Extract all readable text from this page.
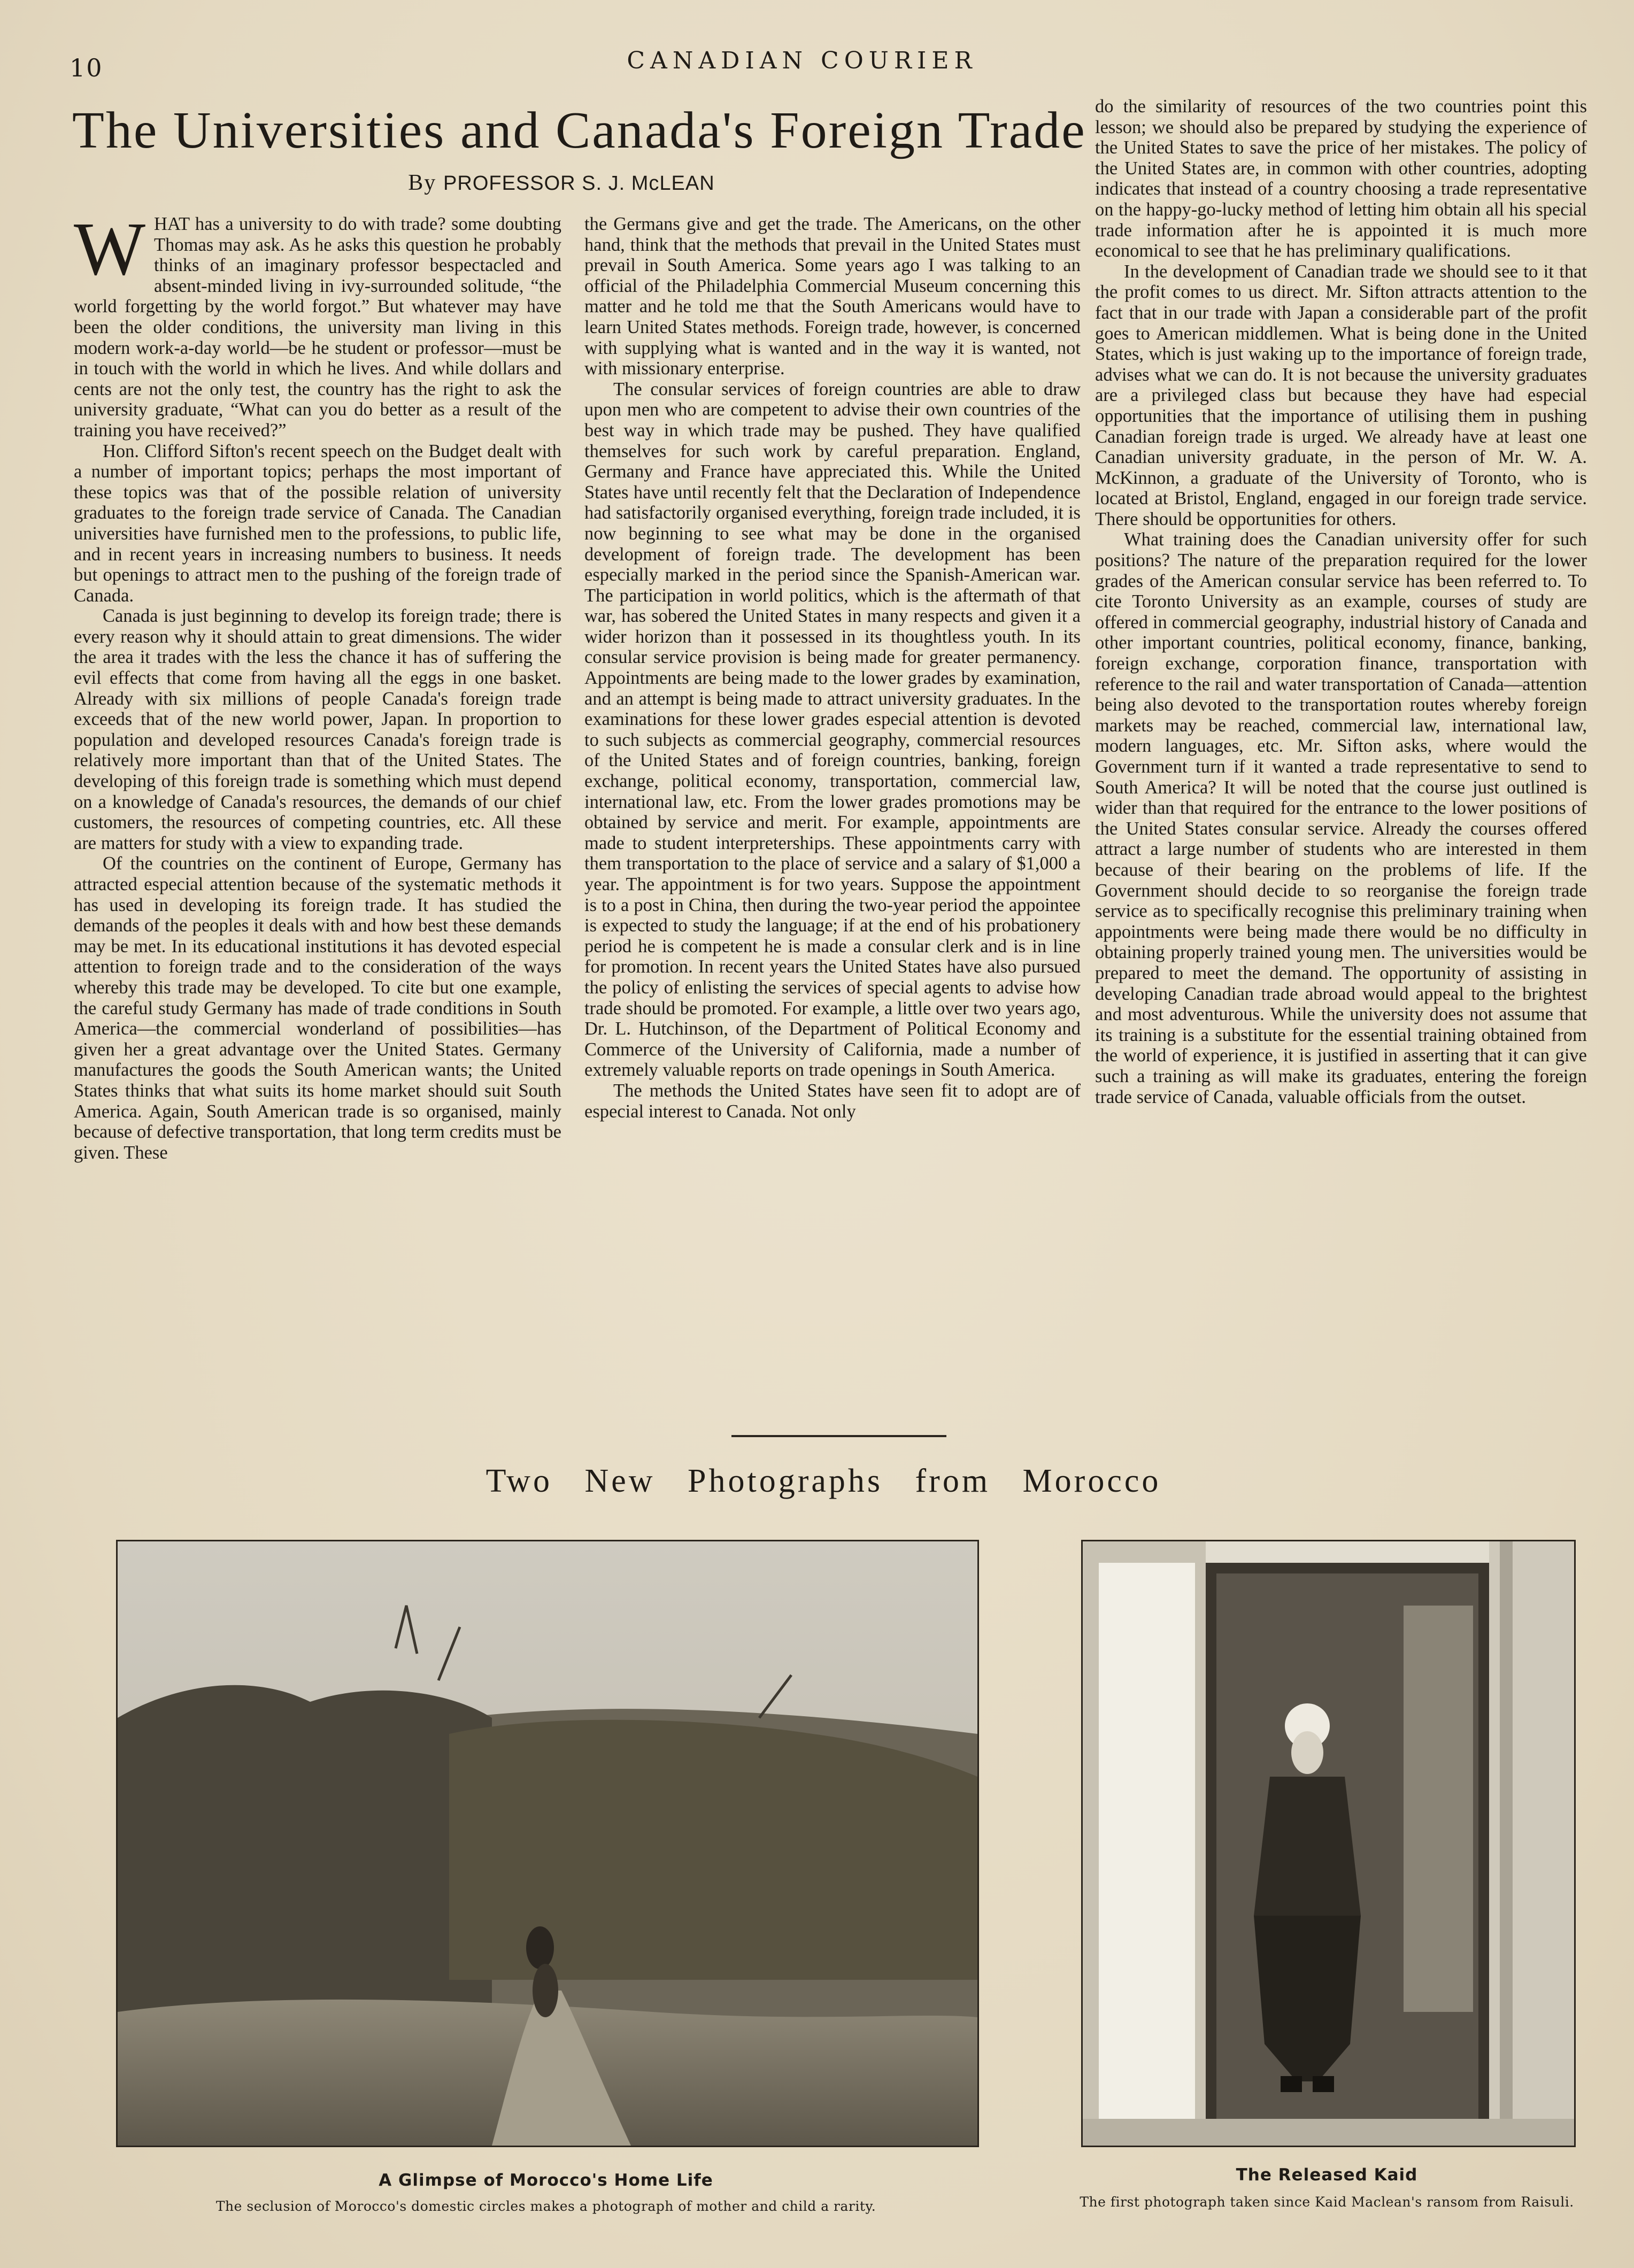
10	CANADIAN COURIER
The Universities and Canada's Foreign Trade
By PROFESSOR S. J. McLEAN

WHAT has a university to do with trade? some doubting Thomas may ask. As he asks this question he probably thinks of an imaginary professor bespectacled and absent-minded living in ivy-surrounded solitude, “the world forgetting by the world forgot.” But whatever may have been the older conditions, the university man living in this modern work-a-day world—be he student or professor—must be in touch with the world in which he lives. And while dollars and cents are not the only test, the country has the right to ask the university graduate, “What can you do better as a result of the training you have received?”

Hon. Clifford Sifton's recent speech on the Budget dealt with a number of important topics; perhaps the most important of these topics was that of the possible relation of university graduates to the foreign trade service of Canada. The Canadian universities have furnished men to the professions, to public life, and in recent years in increasing numbers to business. It needs but openings to attract men to the pushing of the foreign trade of Canada.

Canada is just beginning to develop its foreign trade; there is every reason why it should attain to great dimensions. The wider the area it trades with the less the chance it has of suffering the evil effects that come from having all the eggs in one basket. Already with six millions of people Canada's foreign trade exceeds that of the new world power, Japan. In proportion to population and developed resources Canada's foreign trade is relatively more important than that of the United States. The developing of this foreign trade is something which must depend on a knowledge of Canada's resources, the demands of our chief customers, the resources of competing countries, etc. All these are matters for study with a view to expanding trade.

Of the countries on the continent of Europe, Germany has attracted especial attention because of the systematic methods it has used in developing its foreign trade. It has studied the demands of the peoples it deals with and how best these demands may be met. In its educational institutions it has devoted especial attention to foreign trade and to the consideration of the ways whereby this trade may be developed. To cite but one example, the careful study Germany has made of trade conditions in South America—the commercial wonderland of possibilities—has given her a great advantage over the United States. Germany manufactures the goods the South American wants; the United States thinks that what suits its home market should suit South America. Again, South American trade is so organised, mainly because of defective transportation, that long term credits must be given. These

the Germans give and get the trade. The Americans, on the other hand, think that the methods that prevail in the United States must prevail in South America. Some years ago I was talking to an official of the Philadelphia Commercial Museum concerning this matter and he told me that the South Americans would have to learn United States methods. Foreign trade, however, is concerned with supplying what is wanted and in the way it is wanted, not with missionary enterprise.

The consular services of foreign countries are able to draw upon men who are competent to advise their own countries of the best way in which trade may be pushed. They have qualified themselves for such work by careful preparation. England, Germany and France have appreciated this. While the United States have until recently felt that the Declaration of Independence had satisfactorily organised everything, foreign trade included, it is now beginning to see what may be done in the organised development of foreign trade. The development has been especially marked in the period since the Spanish-American war. The participation in world politics, which is the aftermath of that war, has sobered the United States in many respects and given it a wider horizon than it possessed in its thoughtless youth. In its consular service provision is being made for greater permanency. Appointments are being made to the lower grades by examination, and an attempt is being made to attract university graduates. In the examinations for these lower grades especial attention is devoted to such subjects as commercial geography, commercial resources of the United States and of foreign countries, banking, foreign exchange, political economy, transportation, commercial law, international law, etc. From the lower grades promotions may be obtained by service and merit. For example, appointments are made to student interpreterships. These appointments carry with them transportation to the place of service and a salary of $1,000 a year. The appointment is for two years. Suppose the appointment is to a post in China, then during the two-year period the appointee is expected to study the language; if at the end of his probationery period he is competent he is made a consular clerk and is in line for promotion. In recent years the United States have also pursued the policy of enlisting the services of special agents to advise how trade should be promoted. For example, a little over two years ago, Dr. L. Hutchinson, of the Department of Political Economy and Commerce of the University of California, made a number of extremely valuable reports on trade openings in South America.

The methods the United States have seen fit to adopt are of especial interest to Canada. Not only

do the similarity of resources of the two countries point this lesson; we should also be prepared by studying the experience of the United States to save the price of her mistakes. The policy of the United States are, in common with other countries, adopting indicates that instead of a country choosing a trade representative on the happy-go-lucky method of letting him obtain all his special trade information after he is appointed it is much more economical to see that he has preliminary qualifications.

In the development of Canadian trade we should see to it that the profit comes to us direct. Mr. Sifton attracts attention to the fact that in our trade with Japan a considerable part of the profit goes to American middlemen. What is being done in the United States, which is just waking up to the importance of foreign trade, advises what we can do. It is not because the university graduates are a privileged class but because they have had especial opportunities that the importance of utilising them in pushing Canadian foreign trade is urged. We already have at least one Canadian university graduate, in the person of Mr. W. A. McKinnon, a graduate of the University of Toronto, who is located at Bristol, England, engaged in our foreign trade service. There should be opportunities for others.

What training does the Canadian university offer for such positions? The nature of the preparation required for the lower grades of the American consular service has been referred to. To cite Toronto University as an example, courses of study are offered in commercial geography, industrial history of Canada and other important countries, political economy, finance, banking, foreign exchange, corporation finance, transportation with reference to the rail and water transportation of Canada—attention being also devoted to the transportation routes whereby foreign markets may be reached, commercial law, international law, modern languages, etc. Mr. Sifton asks, where would the Government turn if it wanted a trade representative to send to South America? It will be noted that the course just outlined is wider than that required for the entrance to the lower positions of the United States consular service. Already the courses offered attract a large number of students who are interested in them because of their bearing on the problems of life. If the Government should decide to so reorganise the foreign trade service as to specifically recognise this preliminary training when appointments were being made there would be no difficulty in obtaining properly trained young men. The universities would be prepared to meet the demand. The opportunity of assisting in developing Canadian trade abroad would appeal to the brightest and most adventurous. While the university does not assume that its training is a substitute for the essential training obtained from the world of experience, it is justified in asserting that it can give such a training as will make its graduates, entering the foreign trade service of Canada, valuable officials from the outset.

Two New Photographs from Morocco
A Glimpse of Morocco's Home Life
The seclusion of Morocco's domestic circles makes a photograph of mother and child a rarity.
The Released Kaid
The first photograph taken since Kaid Maclean's ransom from Raisuli.
